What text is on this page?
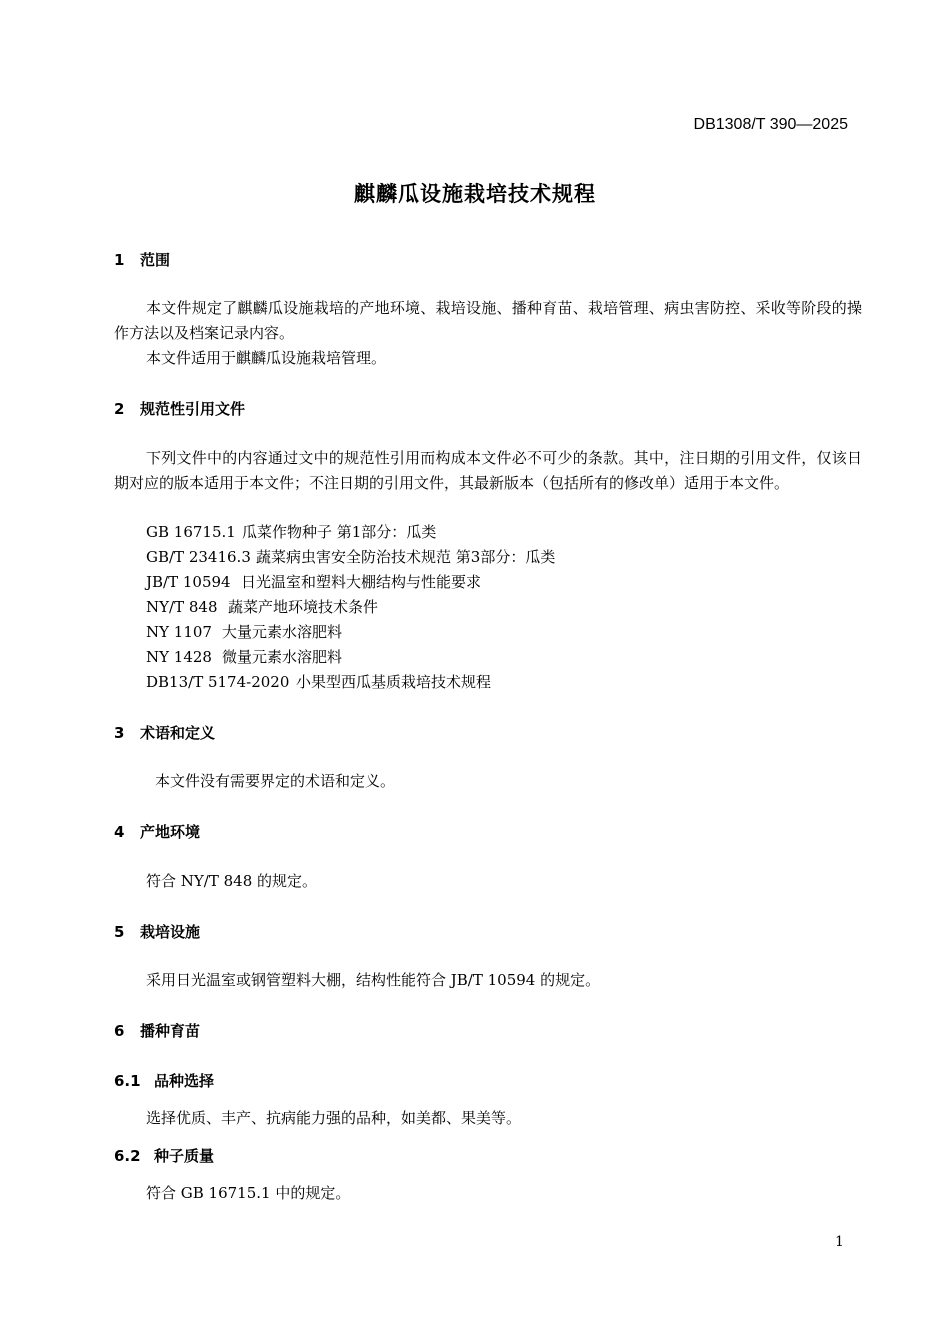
DB1308/T 390—2025
麒麟瓜设施栽培技术规程
1 范围
本文件规定了麒麟瓜设施栽培的产地环境、栽培设施、播种育苗、栽培管理、病虫害防控、采收等阶段的操作方法以及档案记录内容。
本文件适用于麒麟瓜设施栽培管理。
2 规范性引用文件
下列文件中的内容通过文中的规范性引用而构成本文件必不可少的条款。其中，注日期的引用文件，仅该日期对应的版本适用于本文件；不注日期的引用文件，其最新版本（包括所有的修改单）适用于本文件。
GB 16715.1 瓜菜作物种子 第1部分：瓜类
GB/T 23416.3 蔬菜病虫害安全防治技术规范 第3部分：瓜类
JB/T 10594 日光温室和塑料大棚结构与性能要求
NY/T 848 蔬菜产地环境技术条件
NY 1107 大量元素水溶肥料
NY 1428 微量元素水溶肥料
DB13/T 5174-2020 小果型西瓜基质栽培技术规程
3 术语和定义
本文件没有需要界定的术语和定义。
4 产地环境
符合 NY/T 848 的规定。
5 栽培设施
采用日光温室或钢管塑料大棚，结构性能符合 JB/T 10594 的规定。
6 播种育苗
6.1 品种选择
选择优质、丰产、抗病能力强的品种，如美都、果美等。
6.2 种子质量
符合 GB 16715.1 中的规定。
1
